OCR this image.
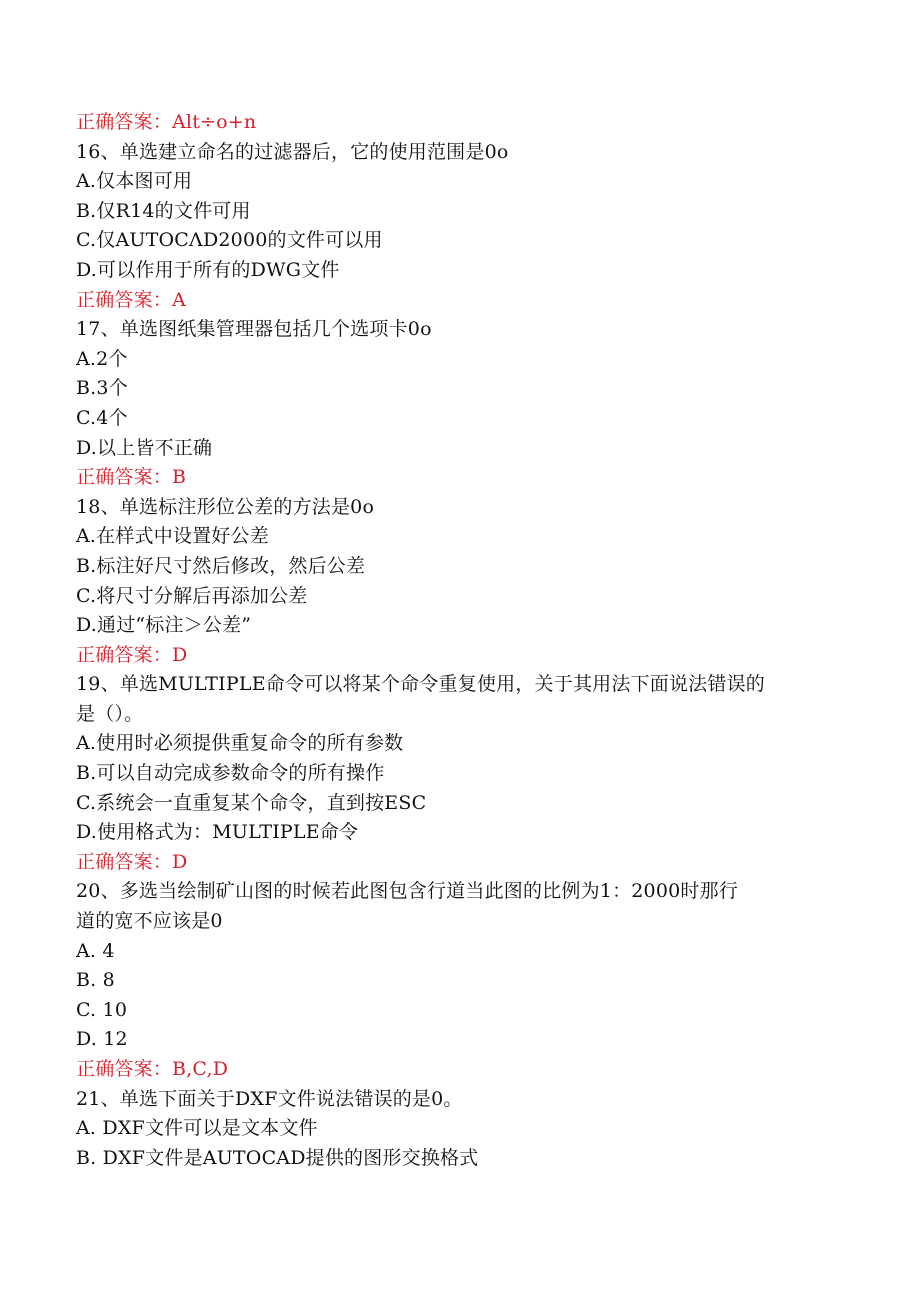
正确答案：Alt÷o+n
16、单选建立命名的过滤器后，它的使用范围是0o
A.仅本图可用
B.仅R14的文件可用
C.仅AUTOCΛD2000的文件可以用
D.可以作用于所有的DWG文件
正确答案：A
17、单选图纸集管理器包括几个选项卡0o
A.2个
B.3个
C.4个
D.以上皆不正确
正确答案：B
18、单选标注形位公差的方法是0o
A.在样式中设置好公差
B.标注好尺寸然后修改，然后公差
C.将尺寸分解后再添加公差
D.通过“标注＞公差”
正确答案：D
19、单选MULTIPLE命令可以将某个命令重复使用，关于其用法下面说法错误的
是（）。
A.使用时必须提供重复命令的所有参数
B.可以自动完成参数命令的所有操作
C.系统会一直重复某个命令，直到按ESC
D.使用格式为：MULTIPLE命令
正确答案：D
20、多选当绘制矿山图的时候若此图包含行道当此图的比例为1：2000时那行
道的宽不应该是0
A. 4
B. 8
C. 10
D. 12
正确答案：B,C,D
21、单选下面关于DXF文件说法错误的是0。
A. DXF文件可以是文本文件
B. DXF文件是AUTOCAD提供的图形交换格式
